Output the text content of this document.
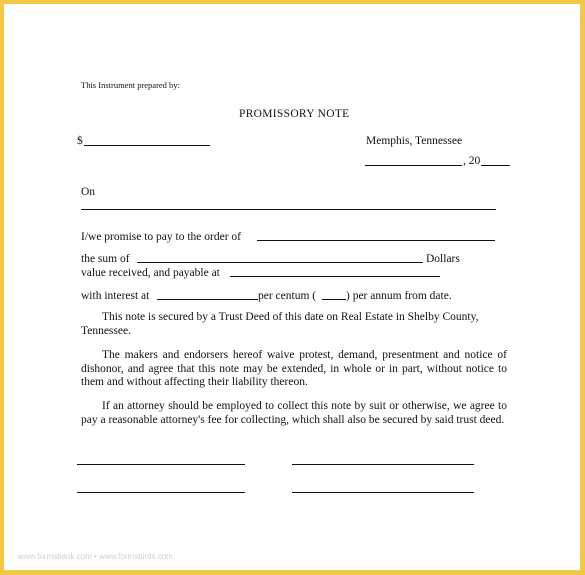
This Instrument prepared by:
PROMISSORY NOTE
$	Memphis, Tennessee
, 20
On
I/we promise to pay to the order of
the sum of	Dollars
value received, and payable at
with interest at	per centum (	) per annum from date.
This note is secured by a Trust Deed of this date on Real Estate in Shelby County, Tennessee.
The makers and endorsers hereof waive protest, demand, presentment and notice of dishonor, and agree that this note may be extended, in whole or in part, without notice to them and without affecting their liability thereon.
If an attorney should be employed to collect this note by suit or otherwise, we agree to pay a reasonable attorney's fee for collecting, which shall also be secured by said trust deed.
www.formsbank.com • www.formsbirds.com
